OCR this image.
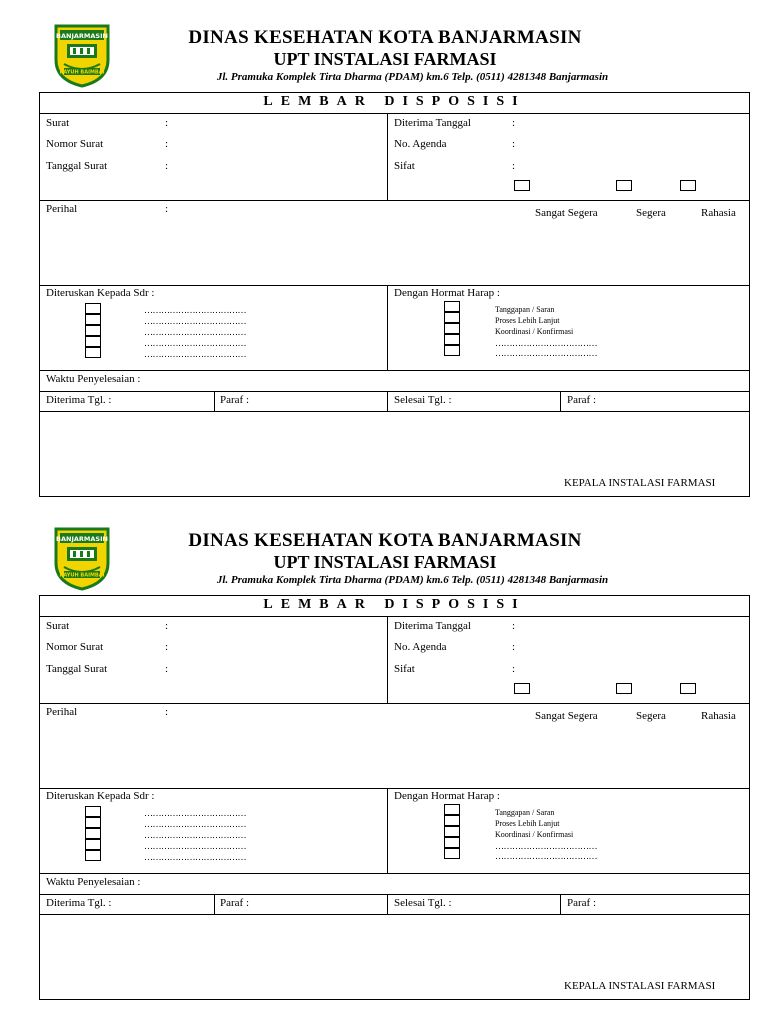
BANJARMASIN
KAYUH BAIMBAI
DINAS KESEHATAN KOTA BANJARMASIN
UPT INSTALASI FARMASI
Jl. Pramuka Komplek Tirta Dharma (PDAM) km.6 Telp. (0511) 4281348 Banjarmasin
LEMBAR DISPOSISI
Surat	:
Nomor Surat	:
Tanggal Surat	:
Diterima Tanggal	:
No. Agenda	:
Sifat	:
Perihal	:	Sangat Segera	Segera	Rahasia
Diteruskan Kepada Sdr :	Dengan Hormat Harap :
………………………………
………………………………
………………………………
………………………………
………………………………
Tanggapan / Saran
Proses Lebih Lanjut
Koordinasi / Konfirmasi
………………………………
………………………………
Waktu Penyelesaian :
Diterima Tgl. :	Paraf :	Selesai Tgl. :	Paraf :
KEPALA INSTALASI FARMASI
BANJARMASIN
KAYUH BAIMBAI
DINAS KESEHATAN KOTA BANJARMASIN
UPT INSTALASI FARMASI
Jl. Pramuka Komplek Tirta Dharma (PDAM) km.6 Telp. (0511) 4281348 Banjarmasin
LEMBAR DISPOSISI
Surat	:
Nomor Surat	:
Tanggal Surat	:
Diterima Tanggal	:
No. Agenda	:
Sifat	:
Perihal	:	Sangat Segera	Segera	Rahasia
Diteruskan Kepada Sdr :	Dengan Hormat Harap :
………………………………
………………………………
………………………………
………………………………
………………………………
Tanggapan / Saran
Proses Lebih Lanjut
Koordinasi / Konfirmasi
………………………………
………………………………
Waktu Penyelesaian :
Diterima Tgl. :	Paraf :	Selesai Tgl. :	Paraf :
KEPALA INSTALASI FARMASI
